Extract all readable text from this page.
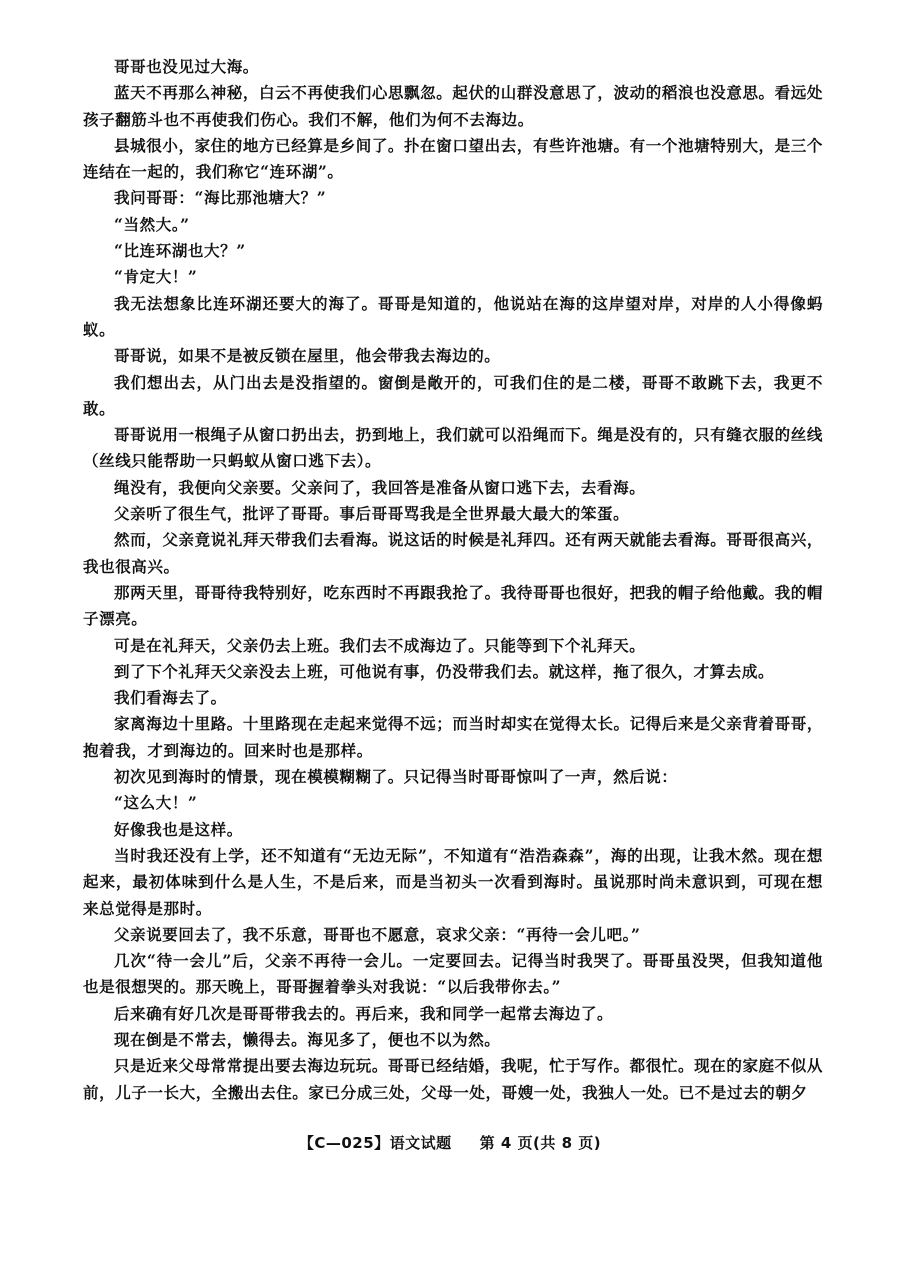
哥哥也没见过大海。

蓝天不再那么神秘，白云不再使我们心思飘忽。起伏的山群没意思了，波动的稻浪也没意思。看远处孩子翻筋斗也不再使我们伤心。我们不解，他们为何不去海边。

县城很小，家住的地方已经算是乡间了。扑在窗口望出去，有些许池塘。有一个池塘特别大，是三个连结在一起的，我们称它“连环湖”。

我问哥哥：“海比那池塘大？”

“当然大。”

“比连环湖也大？”

“肯定大！”

我无法想象比连环湖还要大的海了。哥哥是知道的，他说站在海的这岸望对岸，对岸的人小得像蚂蚁。

哥哥说，如果不是被反锁在屋里，他会带我去海边的。

我们想出去，从门出去是没指望的。窗倒是敞开的，可我们住的是二楼，哥哥不敢跳下去，我更不敢。

哥哥说用一根绳子从窗口扔出去，扔到地上，我们就可以沿绳而下。绳是没有的，只有缝衣服的丝线（丝线只能帮助一只蚂蚁从窗口逃下去）。

绳没有，我便向父亲要。父亲问了，我回答是准备从窗口逃下去，去看海。

父亲听了很生气，批评了哥哥。事后哥哥骂我是全世界最大最大的笨蛋。

然而，父亲竟说礼拜天带我们去看海。说这话的时候是礼拜四。还有两天就能去看海。哥哥很高兴，我也很高兴。

那两天里，哥哥待我特别好，吃东西时不再跟我抢了。我待哥哥也很好，把我的帽子给他戴。我的帽子漂亮。

可是在礼拜天，父亲仍去上班。我们去不成海边了。只能等到下个礼拜天。

到了下个礼拜天父亲没去上班，可他说有事，仍没带我们去。就这样，拖了很久，才算去成。

我们看海去了。

家离海边十里路。十里路现在走起来觉得不远；而当时却实在觉得太长。记得后来是父亲背着哥哥，抱着我，才到海边的。回来时也是那样。

初次见到海时的情景，现在模模糊糊了。只记得当时哥哥惊叫了一声，然后说：

“这么大！”

好像我也是这样。

当时我还没有上学，还不知道有“无边无际”，不知道有“浩浩森森”，海的出现，让我木然。现在想起来，最初体味到什么是人生，不是后来，而是当初头一次看到海时。虽说那时尚未意识到，可现在想来总觉得是那时。

父亲说要回去了，我不乐意，哥哥也不愿意，哀求父亲：“再待一会儿吧。”

几次“待一会儿”后，父亲不再待一会儿。一定要回去。记得当时我哭了。哥哥虽没哭，但我知道他也是很想哭的。那天晚上，哥哥握着拳头对我说：“以后我带你去。”

后来确有好几次是哥哥带我去的。再后来，我和同学一起常去海边了。

现在倒是不常去，懒得去。海见多了，便也不以为然。

只是近来父母常常提出要去海边玩玩。哥哥已经结婚，我呢，忙于写作。都很忙。现在的家庭不似从前，儿子一长大，全搬出去住。家已分成三处，父母一处，哥嫂一处，我独人一处。已不是过去的朝夕

【C—025】语文试题 第 4 页(共 8 页)
